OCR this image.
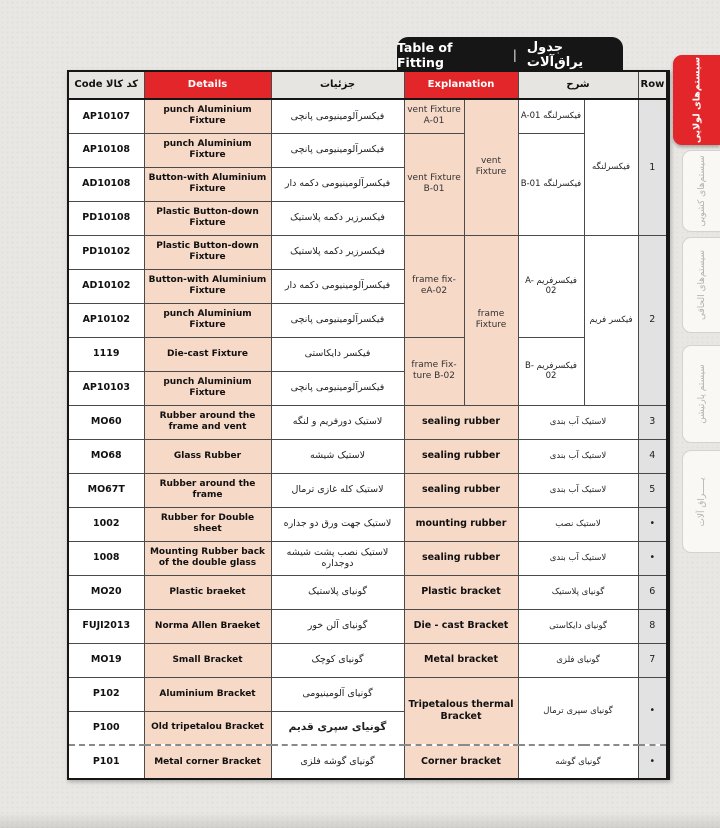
Table of Fitting	| جدول یراق‌آلات
کد کالا Code	Details	جزئیات	Explanation		شرح		Row
AP10107	punch Aluminium Fixture	فیکسرآلومینیومی پانچی	vent Fixture A-01	vent Fixture	فیکسرلنگه A-01	فیکسرلنگه	1
AP10108	punch Aluminium Fixture	فیکسرآلومینیومی پانچی	vent Fixture B-01		فیکسرلنگه B-01		
AD10108	Button-with Aluminium Fixture	فیکسرآلومینیومی دکمه دار					
PD10108	Plastic Button-down Fixture	فیکسرزیر دکمه پلاستیک					
PD10102	Plastic Button-down Fixture	فیکسرزیر دکمه پلاستیک	frame fix- eA-02	frame Fixture	فیکسرفریم A-02	فیکسر فریم	2
AD10102	Button-with Aluminium Fixture	فیکسرآلومینیومی دکمه دار					
AP10102	punch Aluminium Fixture	فیکسرآلومینیومی پانچی					
1119	Die-cast Fixture	فیکسر دایکاستی	frame Fix- ture B-02		فیکسرفریم B-02		
AP10103	punch Aluminium Fixture	فیکسرآلومینیومی پانچی					
MO60	Rubber around the frame and vent	لاستیک دورفریم و لنگه	sealing rubber		لاستیک آب بندی		3
MO68	Glass Rubber	لاستیک شیشه	sealing rubber		لاستیک آب بندی		4
MO67T	Rubber around the frame	لاستیک کله غازی ترمال	sealing rubber		لاستیک آب بندی		5
1002	Rubber for Double sheet	لاستیک جهت ورق دو جداره	mounting rubber		لاستیک نصب		•
1008	Mounting Rubber back of the double glass	لاستیک نصب پشت شیشه دوجداره	sealing rubber		لاستیک آب بندی		•
MO20	Plastic braeket	گونیای پلاستیک	Plastic bracket		گونیای پلاستیک		6
FUJI2013	Norma Allen Braeket	گونیای آلن خور	Die - cast Bracket		گونیای دایکاستی		8
MO19	Small Bracket	گونیای کوچک	Metal bracket		گونیای فلزی		7
P102	Aluminium Bracket	گونیای آلومینیومی	Tripetalous thermal Bracket		گونیای سپری ترمال		•
P100	Old tripetalou Bracket	گونیای سپری قدیم					
P101	Metal corner Bracket	گونیای گوشه فلزی	Corner bracket		گونیای گوشه		•
سیستم‌های لولایی
سیستم‌های کشویی
سیستم‌های الحاقی
سیستم پارتیشن
یـــــراق آلات
